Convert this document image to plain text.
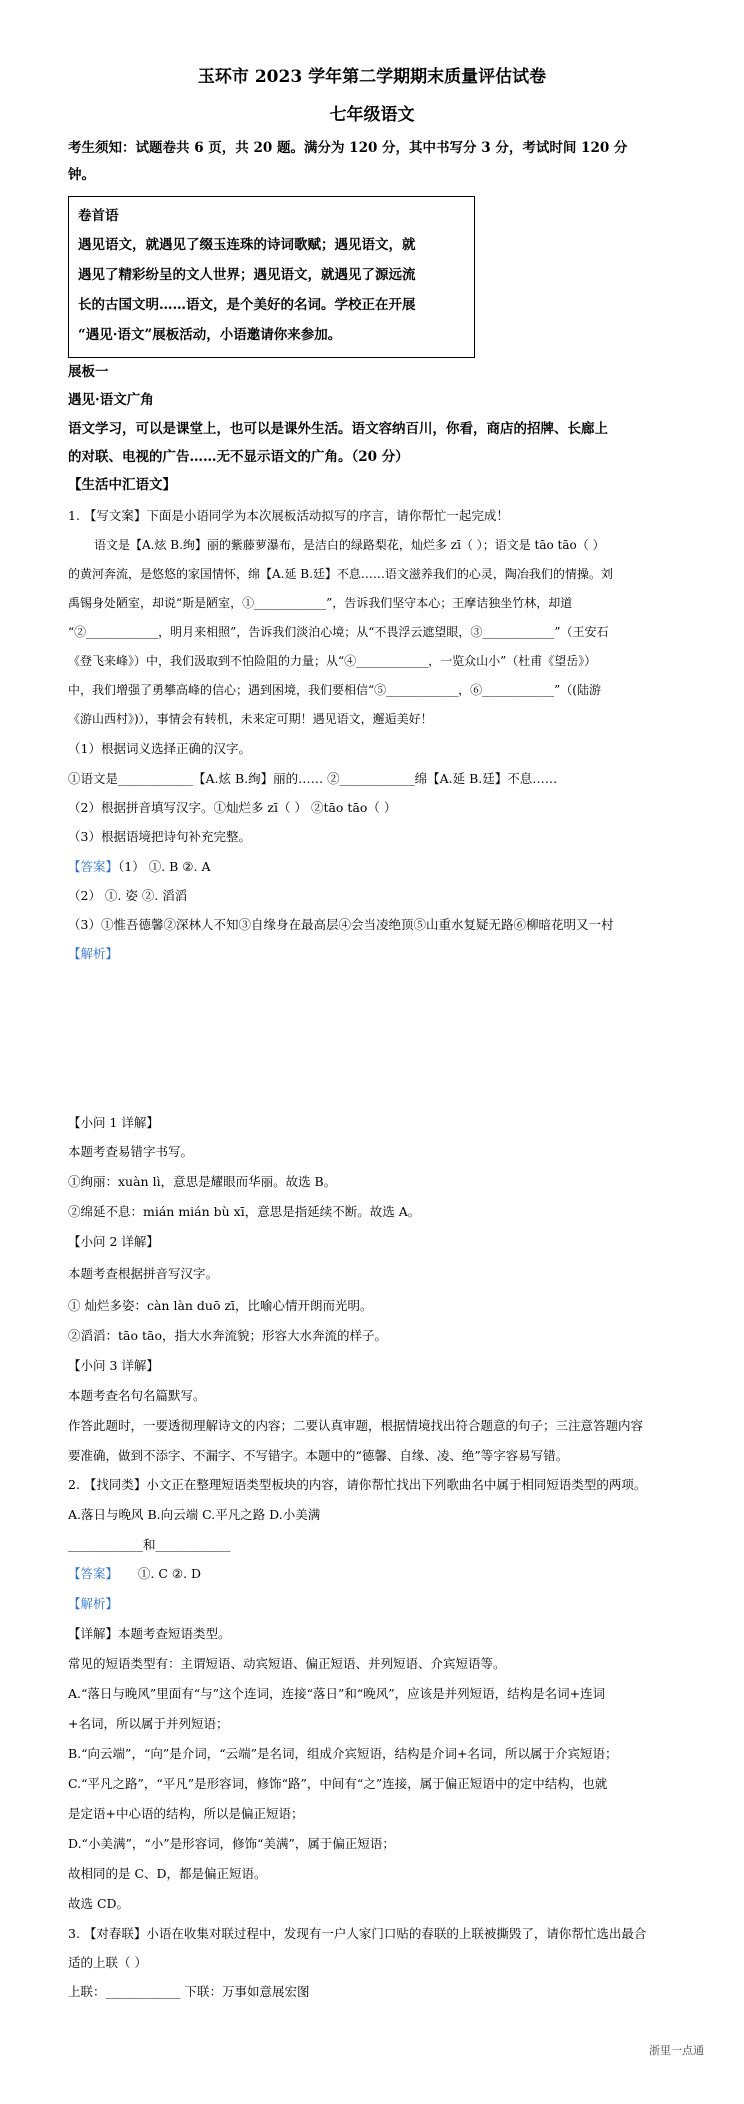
玉环市 2023 学年第二学期期末质量评估试卷
七年级语文
考生须知：试题卷共 6 页，共 20 题。满分为 120 分，其中书写分 3 分，考试时间 120 分
钟。
卷首语
遇见语文，就遇见了缀玉连珠的诗词歌赋；遇见语文，就
遇见了精彩纷呈的文人世界；遇见语文，就遇见了源远流
长的古国文明……语文，是个美好的名词。学校正在开展
“遇见·语文”展板活动，小语邀请你来参加。
展板一
遇见·语文广角
语文学习，可以是课堂上，也可以是课外生活。语文容纳百川，你看，商店的招牌、长廊上
的对联、电视的广告……无不显示语文的广角。（20 分）
【生活中汇语文】
1. 【写文案】下面是小语同学为本次展板活动拟写的序言，请你帮忙一起完成！
语文是【A.炫 B.绚】丽的紫藤萝瀑布，是洁白的绿路梨花，灿烂多 zī（ ）；语文是 tāo tāo（ ）
的黄河奔流，是悠悠的家国情怀，绵【A.延 B.廷】不息……语文滋养我们的心灵，陶冶我们的情操。刘
禹锡身处陋室，却说“斯是陋室，①____________”，告诉我们坚守本心；王摩诘独坐竹林，却道
“②____________，明月来相照”，告诉我们淡泊心境；从“不畏浮云遮望眼，③____________”（王安石
《登飞来峰》）中，我们汲取到不怕险阻的力量；从“④____________，一览众山小”（杜甫《望岳》）
中，我们增强了勇攀高峰的信心；遇到困境，我们要相信“⑤____________，⑥____________”（(陆游
《游山西村》)），事情会有转机，未来定可期！遇见语文，邂逅美好！
（1）根据词义选择正确的汉字。
①语文是____________【A.炫 B.绚】丽的…… ②____________绵【A.延 B.廷】不息……
（2）根据拼音填写汉字。①灿烂多 zī（ ） ②tāo tāo（ ）
（3）根据语境把诗句补充完整。
【答案】（1） ①. B ②. A
（2） ①. 姿 ②. 滔滔
（3）①惟吾德馨②深林人不知③自缘身在最高层④会当凌绝顶⑤山重水复疑无路⑥柳暗花明又一村
【解析】
【小问 1 详解】
本题考查易错字书写。
①绚丽：xuàn lì，意思是耀眼而华丽。故选 B。
②绵延不息：mián mián bù xī，意思是指延续不断。故选 A。
【小问 2 详解】
本题考查根据拼音写汉字。
① 灿烂多姿：càn làn duō zī，比喻心情开朗而光明。
②滔滔：tāo tāo，指大水奔流貌；形容大水奔流的样子。
【小问 3 详解】
本题考查名句名篇默写。
作答此题时，一要透彻理解诗文的内容；二要认真审题，根据情境找出符合题意的句子；三注意答题内容
要准确，做到不添字、不漏字、不写错字。本题中的“德馨、自缘、凌、绝”等字容易写错。
2. 【找同类】小文正在整理短语类型板块的内容，请你帮忙找出下列歌曲名中属于相同短语类型的两项。
A.落日与晚风 B.向云端 C.平凡之路 D.小美满
____________和____________
【答案】 ①. C ②. D
【解析】
【详解】本题考查短语类型。
常见的短语类型有：主谓短语、动宾短语、偏正短语、并列短语、介宾短语等。
A.“落日与晚风”里面有“与”这个连词，连接“落日”和“晚风”，应该是并列短语，结构是名词+连词
+名词，所以属于并列短语；
B.“向云端”，“向”是介词，“云端”是名词，组成介宾短语，结构是介词+名词，所以属于介宾短语；
C.“平凡之路”，“平凡”是形容词，修饰“路”，中间有“之”连接，属于偏正短语中的定中结构，也就
是定语+中心语的结构，所以是偏正短语；
D.“小美满”，“小”是形容词，修饰“美满”，属于偏正短语；
故相同的是 C、D，都是偏正短语。
故选 CD。
3. 【对春联】小语在收集对联过程中，发现有一户人家门口贴的春联的上联被撕毁了，请你帮忙选出最合
适的上联（ ）
上联：____________ 下联：万事如意展宏图
浙里一点通
